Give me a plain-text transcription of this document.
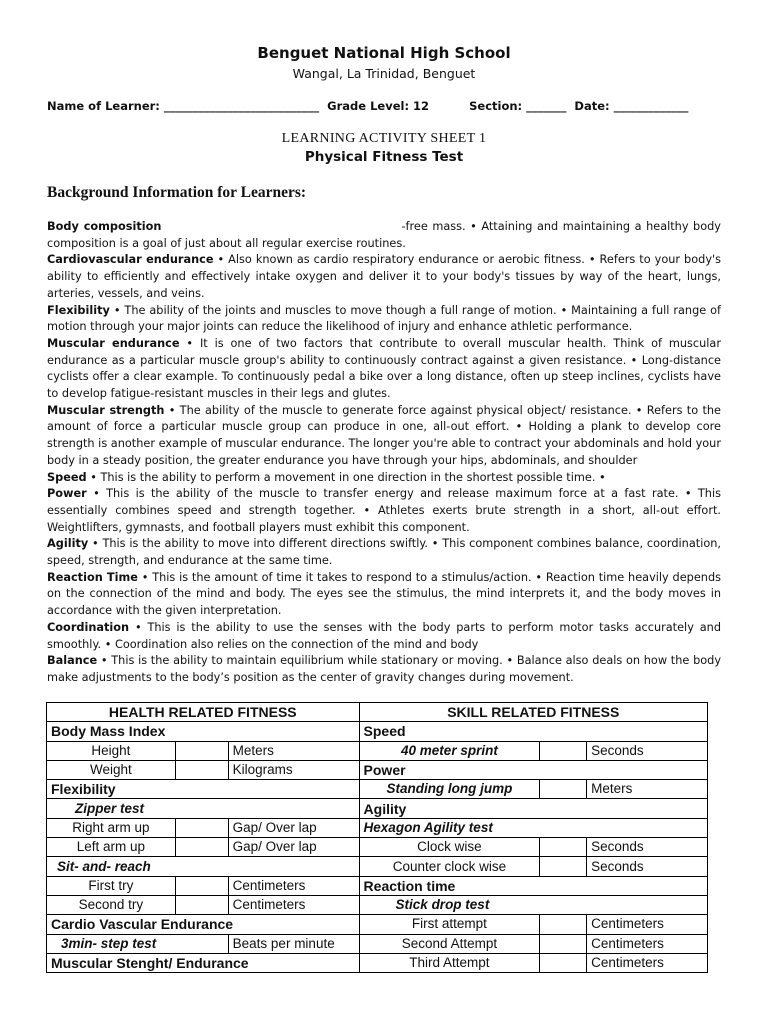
Benguet National High School
Wangal, La Trinidad, Benguet
Name of Learner: ___________________________ Grade Level: 12	Section: _______ Date: _____________
LEARNING ACTIVITY SHEET 1
Physical Fitness Test
Background Information for Learners:

Body composition	-free mass. • Attaining and maintaining a healthy body composition is a goal of just about all regular exercise routines.

Cardiovascular endurance • Also known as cardio respiratory endurance or aerobic fitness. • Refers to your body's ability to efficiently and effectively intake oxygen and deliver it to your body's tissues by way of the heart, lungs, arteries, vessels, and veins.

Flexibility • The ability of the joints and muscles to move though a full range of motion. • Maintaining a full range of motion through your major joints can reduce the likelihood of injury and enhance athletic performance.

Muscular endurance • It is one of two factors that contribute to overall muscular health. Think of muscular endurance as a particular muscle group's ability to continuously contract against a given resistance. • Long-distance cyclists offer a clear example. To continuously pedal a bike over a long distance, often up steep inclines, cyclists have to develop fatigue-resistant muscles in their legs and glutes.

Muscular strength • The ability of the muscle to generate force against physical object/ resistance. • Refers to the amount of force a particular muscle group can produce in one, all-out effort. • Holding a plank to develop core strength is another example of muscular endurance. The longer you're able to contract your abdominals and hold your body in a steady position, the greater endurance you have through your hips, abdominals, and shoulder

Speed • This is the ability to perform a movement in one direction in the shortest possible time. •

Power • This is the ability of the muscle to transfer energy and release maximum force at a fast rate. • This essentially combines speed and strength together. • Athletes exerts brute strength in a short, all-out effort. Weightlifters, gymnasts, and football players must exhibit this component.

Agility • This is the ability to move into different directions swiftly. • This component combines balance, coordination, speed, strength, and endurance at the same time.

Reaction Time • This is the amount of time it takes to respond to a stimulus/action. • Reaction time heavily depends on the connection of the mind and body. The eyes see the stimulus, the mind interprets it, and the body moves in accordance with the given interpretation.

Coordination • This is the ability to use the senses with the body parts to perform motor tasks accurately and smoothly. • Coordination also relies on the connection of the mind and body

Balance • This is the ability to maintain equilibrium while stationary or moving. • Balance also deals on how the body make adjustments to the body’s position as the center of gravity changes during movement.

HEALTH RELATED FITNESS			SKILL RELATED FITNESS		
Body Mass Index			Speed		
Height		Meters	40 meter sprint		Seconds
Weight		Kilograms	Power		
Flexibility			Standing long jump		Meters
Zipper test			Agility		
Right arm up		Gap/ Over lap	Hexagon Agility test		
Left arm up		Gap/ Over lap	Clock wise		Seconds
Sit- and- reach			Counter clock wise		Seconds
First try		Centimeters	Reaction time		
Second try		Centimeters	Stick drop test		
Cardio Vascular Endurance			First attempt		Centimeters
3min- step test		Beats per minute	Second Attempt		Centimeters
Muscular Stenght/ Endurance			Third Attempt		Centimeters
